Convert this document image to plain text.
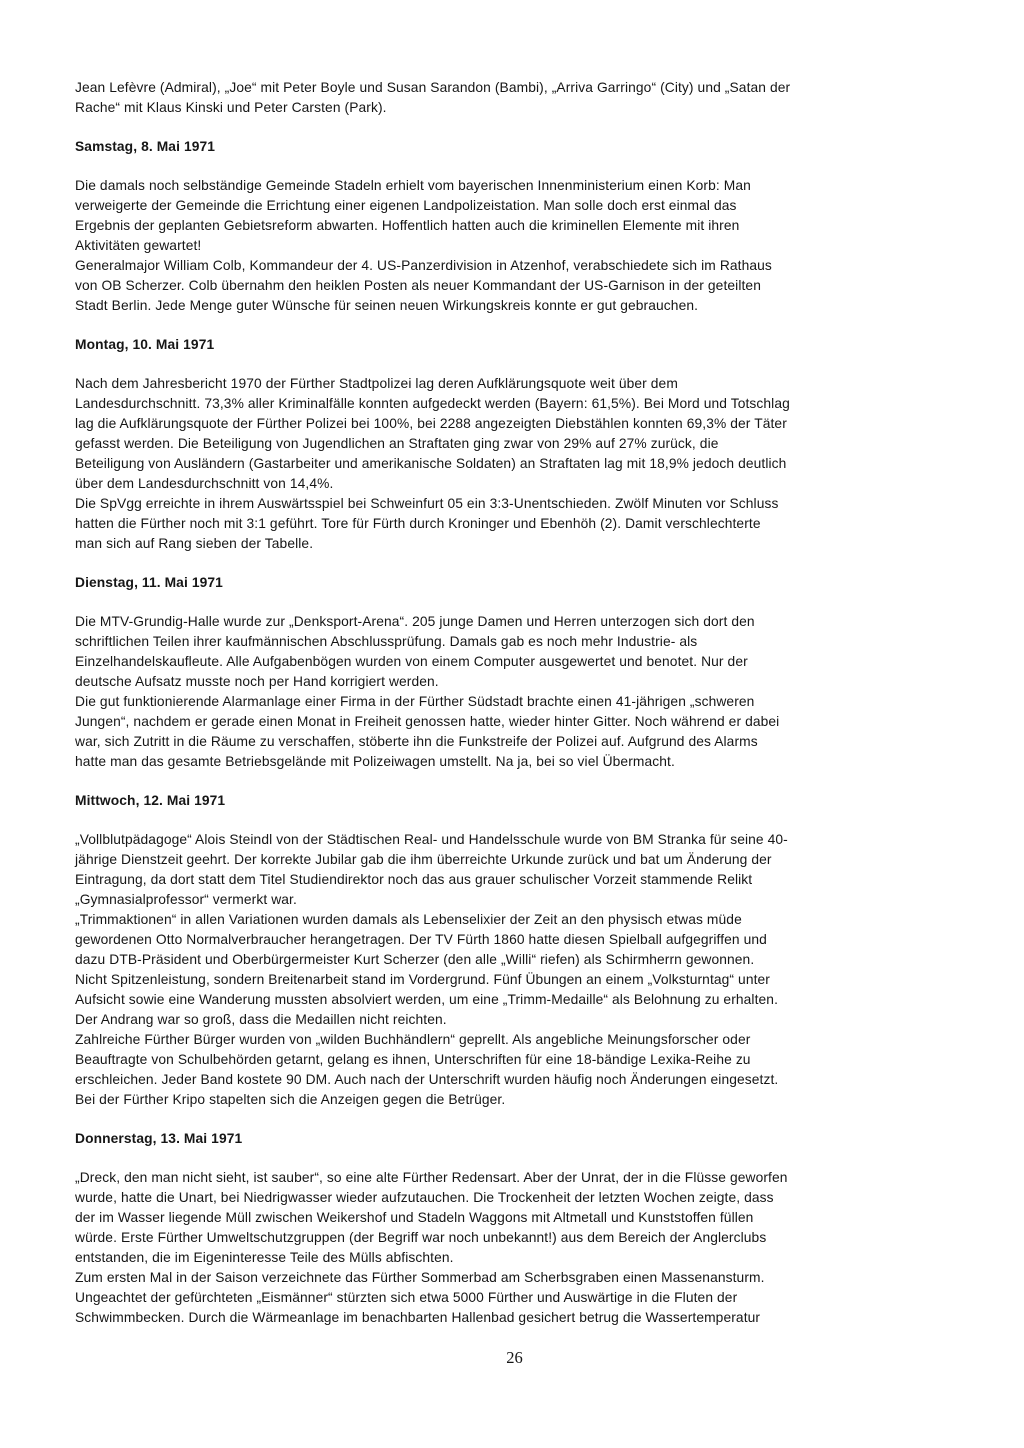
Jean Lefèvre (Admiral), „Joe“ mit Peter Boyle und Susan Sarandon (Bambi), „Arriva Garringo“ (City) und „Satan der
Rache“ mit Klaus Kinski und Peter Carsten (Park).
Samstag, 8. Mai 1971
Die damals noch selbständige Gemeinde Stadeln erhielt vom bayerischen Innenministerium einen Korb: Man
verweigerte der Gemeinde die Errichtung einer eigenen Landpolizeistation. Man solle doch erst einmal das
Ergebnis der geplanten Gebietsreform abwarten. Hoffentlich hatten auch die kriminellen Elemente mit ihren
Aktivitäten gewartet!
Generalmajor William Colb, Kommandeur der 4. US-Panzerdivision in Atzenhof, verabschiedete sich im Rathaus
von OB Scherzer. Colb übernahm den heiklen Posten als neuer Kommandant der US-Garnison in der geteilten
Stadt Berlin. Jede Menge guter Wünsche für seinen neuen Wirkungskreis konnte er gut gebrauchen.
Montag, 10. Mai 1971
Nach dem Jahresbericht 1970 der Fürther Stadtpolizei lag deren Aufklärungsquote weit über dem
Landesdurchschnitt. 73,3% aller Kriminalfälle konnten aufgedeckt werden (Bayern: 61,5%). Bei Mord und Totschlag
lag die Aufklärungsquote der Fürther Polizei bei 100%, bei 2288 angezeigten Diebstählen konnten 69,3% der Täter
gefasst werden. Die Beteiligung von Jugendlichen an Straftaten ging zwar von 29% auf 27% zurück, die
Beteiligung von Ausländern (Gastarbeiter und amerikanische Soldaten) an Straftaten lag mit 18,9% jedoch deutlich
über dem Landesdurchschnitt von 14,4%.
Die SpVgg erreichte in ihrem Auswärtsspiel bei Schweinfurt 05 ein 3:3-Unentschieden. Zwölf Minuten vor Schluss
hatten die Fürther noch mit 3:1 geführt. Tore für Fürth durch Kroninger und Ebenhöh (2). Damit verschlechterte
man sich auf Rang sieben der Tabelle.
Dienstag, 11. Mai 1971
Die MTV-Grundig-Halle wurde zur „Denksport-Arena“. 205 junge Damen und Herren unterzogen sich dort den
schriftlichen Teilen ihrer kaufmännischen Abschlussprüfung. Damals gab es noch mehr Industrie- als
Einzelhandelskaufleute. Alle Aufgabenbögen wurden von einem Computer ausgewertet und benotet. Nur der
deutsche Aufsatz musste noch per Hand korrigiert werden.
Die gut funktionierende Alarmanlage einer Firma in der Fürther Südstadt brachte einen 41-jährigen „schweren
Jungen“, nachdem er gerade einen Monat in Freiheit genossen hatte, wieder hinter Gitter. Noch während er dabei
war, sich Zutritt in die Räume zu verschaffen, stöberte ihn die Funkstreife der Polizei auf. Aufgrund des Alarms
hatte man das gesamte Betriebsgelände mit Polizeiwagen umstellt. Na ja, bei so viel Übermacht.
Mittwoch, 12. Mai 1971
„Vollblutpädagoge“ Alois Steindl von der Städtischen Real- und Handelsschule wurde von BM Stranka für seine 40-
jährige Dienstzeit geehrt. Der korrekte Jubilar gab die ihm überreichte Urkunde zurück und bat um Änderung der
Eintragung, da dort statt dem Titel Studiendirektor noch das aus grauer schulischer Vorzeit stammende Relikt
„Gymnasialprofessor“ vermerkt war.
„Trimmaktionen“ in allen Variationen wurden damals als Lebenselixier der Zeit an den physisch etwas müde
gewordenen Otto Normalverbraucher herangetragen. Der TV Fürth 1860 hatte diesen Spielball aufgegriffen und
dazu DTB-Präsident und Oberbürgermeister Kurt Scherzer (den alle „Willi“ riefen) als Schirmherrn gewonnen.
Nicht Spitzenleistung, sondern Breitenarbeit stand im Vordergrund. Fünf Übungen an einem „Volksturntag“ unter
Aufsicht sowie eine Wanderung mussten absolviert werden, um eine „Trimm-Medaille“ als Belohnung zu erhalten.
Der Andrang war so groß, dass die Medaillen nicht reichten.
Zahlreiche Fürther Bürger wurden von „wilden Buchhändlern“ geprellt. Als angebliche Meinungsforscher oder
Beauftragte von Schulbehörden getarnt, gelang es ihnen, Unterschriften für eine 18-bändige Lexika-Reihe zu
erschleichen. Jeder Band kostete 90 DM. Auch nach der Unterschrift wurden häufig noch Änderungen eingesetzt.
Bei der Fürther Kripo stapelten sich die Anzeigen gegen die Betrüger.
Donnerstag, 13. Mai 1971
„Dreck, den man nicht sieht, ist sauber“, so eine alte Fürther Redensart. Aber der Unrat, der in die Flüsse geworfen
wurde, hatte die Unart, bei Niedrigwasser wieder aufzutauchen. Die Trockenheit der letzten Wochen zeigte, dass
der im Wasser liegende Müll zwischen Weikershof und Stadeln Waggons mit Altmetall und Kunststoffen füllen
würde. Erste Fürther Umweltschutzgruppen (der Begriff war noch unbekannt!) aus dem Bereich der Anglerclubs
entstanden, die im Eigeninteresse Teile des Mülls abfischten.
Zum ersten Mal in der Saison verzeichnete das Fürther Sommerbad am Scherbsgraben einen Massenansturm.
Ungeachtet der gefürchteten „Eismänner“ stürzten sich etwa 5000 Fürther und Auswärtige in die Fluten der
Schwimmbecken. Durch die Wärmeanlage im benachbarten Hallenbad gesichert betrug die Wassertemperatur
26
